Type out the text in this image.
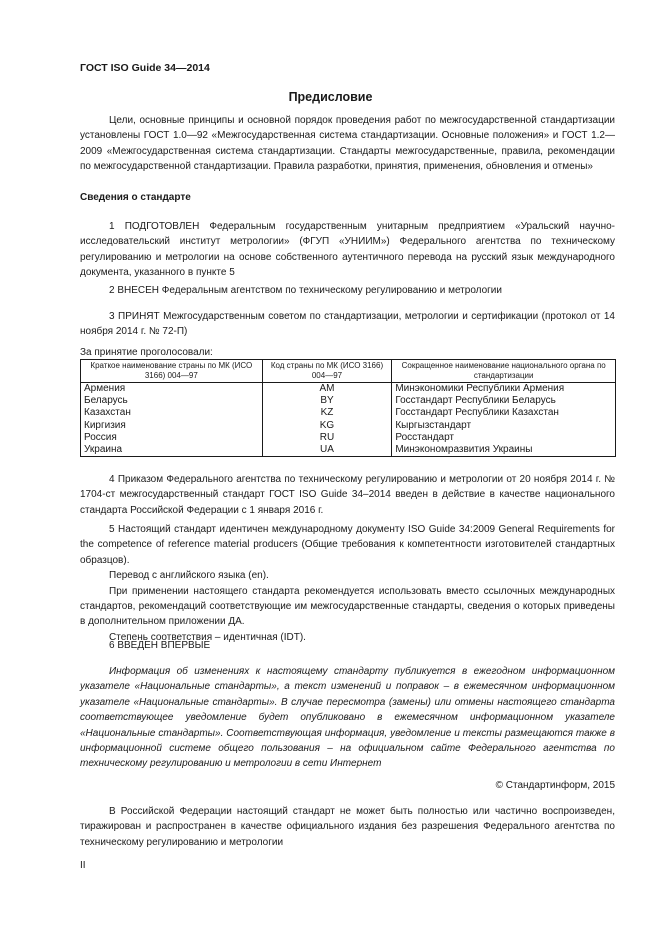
ГОСТ ISO Guide 34—2014
Предисловие

Цели, основные принципы и основной порядок проведения работ по межгосударственной стандартизации установлены ГОСТ 1.0—92 «Межгосударственная система стандартизации. Основные положения» и ГОСТ 1.2—2009 «Межгосударственная система стандартизации. Стандарты межгосударственные, правила, рекомендации по межгосударственной стандартизации. Правила разработки, принятия, применения, обновления и отмены»

Сведения о стандарте

1 ПОДГОТОВЛЕН Федеральным государственным унитарным предприятием «Уральский научно-исследовательский институт метрологии» (ФГУП «УНИИМ») Федерального агентства по техническому регулированию и метрологии на основе собственного аутентичного перевода на русский язык международного документа, указанного в пункте 5

2 ВНЕСЕН Федеральным агентством по техническому регулированию и метрологии

3 ПРИНЯТ Межгосударственным советом по стандартизации, метрологии и сертификации (протокол от 14 ноября 2014 г. № 72-П)

За принятие проголосовали:
Краткое наименование страны по МК (ИСО 3166) 004—97	Код страны по МК (ИСО 3166) 004—97	Сокращенное наименование национального органа по стандартизации
Армения	AM	Минэкономики Республики Армения
Беларусь	BY	Госстандарт Республики Беларусь
Казахстан	KZ	Госстандарт Республики Казахстан
Киргизия	KG	Кыргызстандарт
Россия	RU	Росстандарт
Украина	UA	Минэкономразвития Украины

4 Приказом Федерального агентства по техническому регулированию и метрологии от 20 ноября 2014 г. № 1704-ст межгосударственный стандарт ГОСТ ISO Guide 34–2014 введен в действие в качестве национального стандарта Российской Федерации с 1 января 2016 г.

5 Настоящий стандарт идентичен международному документу ISO Guide 34:2009 General Requirements for the competence of reference material producers (Общие требования к компетентности изготовителей стандартных образцов).

Перевод с английского языка (en).

При применении настоящего стандарта рекомендуется использовать вместо ссылочных международных стандартов, рекомендаций соответствующие им межгосударственные стандарты, сведения о которых приведены в дополнительном приложении ДА.

Степень соответствия – идентичная (IDT).

6 ВВЕДЕН ВПЕРВЫЕ

Информация об изменениях к настоящему стандарту публикуется в ежегодном информационном указателе «Национальные стандарты», а текст изменений и поправок – в ежемесячном информационном указателе «Национальные стандарты». В случае пересмотра (замены) или отмены настоящего стандарта соответствующее уведомление будет опубликовано в ежемесячном информационном указателе «Национальные стандарты». Соответствующая информация, уведомление и тексты размещаются также в информационной системе общего пользования – на официальном сайте Федерального агентства по техническому регулированию и метрологии в сети Интернет

© Стандартинформ, 2015

В Российской Федерации настоящий стандарт не может быть полностью или частично воспроизведен, тиражирован и распространен в качестве официального издания без разрешения Федерального агентства по техническому регулированию и метрологии

II
